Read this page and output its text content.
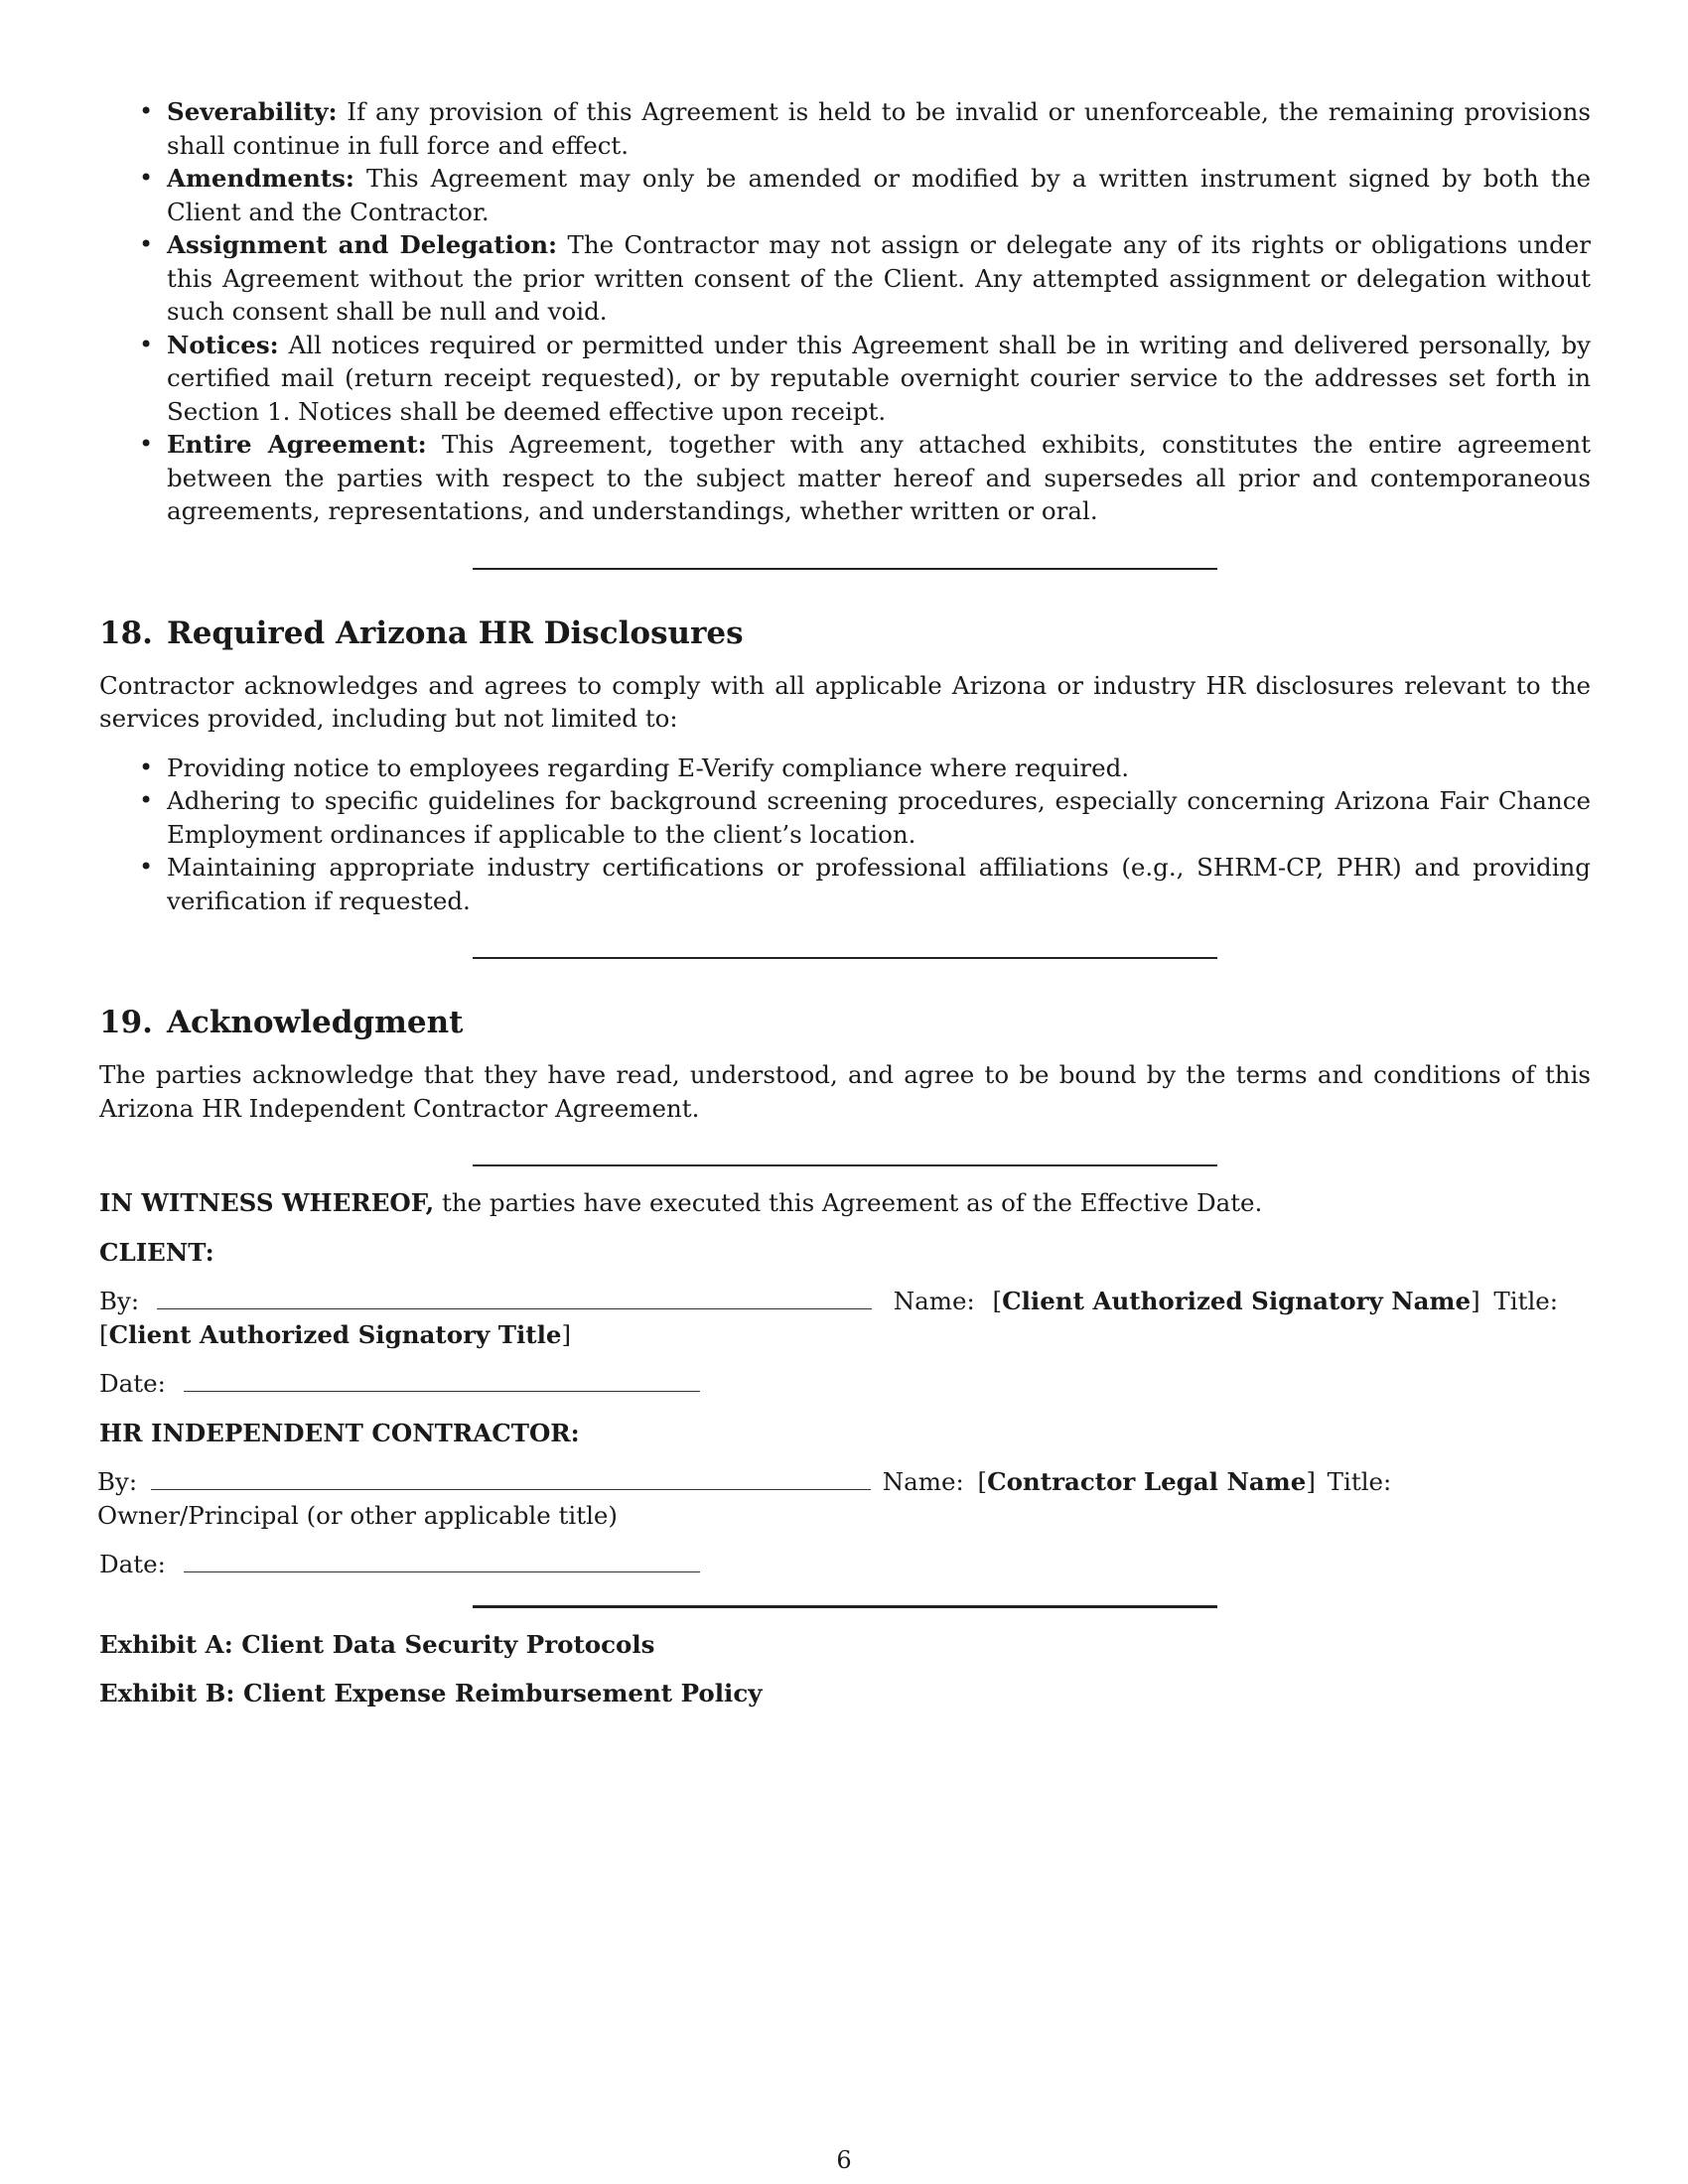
• Severability: If any provision of this Agreement is held to be invalid or unenforceable, the remaining provisions shall continue in full force and effect.
• Amendments: This Agreement may only be amended or modified by a written instrument signed by both the Client and the Contractor.
• Assignment and Delegation: The Contractor may not assign or delegate any of its rights or obligations under this Agreement without the prior written consent of the Client. Any attempted assignment or delegation without such consent shall be null and void.
• Notices: All notices required or permitted under this Agreement shall be in writing and delivered personally, by certified mail (return receipt requested), or by reputable overnight courier service to the addresses set forth in Section 1. Notices shall be deemed effective upon receipt.
• Entire Agreement: This Agreement, together with any attached exhibits, constitutes the entire agreement between the parties with respect to the subject matter hereof and supersedes all prior and contemporaneous agreements, representations, and understandings, whether written or oral.
18. Required Arizona HR Disclosures

Contractor acknowledges and agrees to comply with all applicable Arizona or industry HR disclosures relevant to the services provided, including but not limited to:

• Providing notice to employees regarding E-Verify compliance where required.
• Adhering to specific guidelines for background screening procedures, especially concerning Arizona Fair Chance Employment ordinances if applicable to the client’s location.
• Maintaining appropriate industry certifications or professional affiliations (e.g., SHRM-CP, PHR) and providing verification if requested.
19. Acknowledgment

The parties acknowledge that they have read, understood, and agree to be bound by the terms and conditions of this Arizona HR Independent Contractor Agreement.

IN WITNESS WHEREOF, the parties have executed this Agreement as of the Effective Date.

CLIENT:
By:	Name: [Client Authorized Signatory Name] Title:
[Client Authorized Signatory Title]
Date:
HR INDEPENDENT CONTRACTOR:
By:	Name: [Contractor Legal Name] Title: Owner/Principal (or other applicable title)
Date:
Exhibit A: Client Data Security Protocols
Exhibit B: Client Expense Reimbursement Policy
6
